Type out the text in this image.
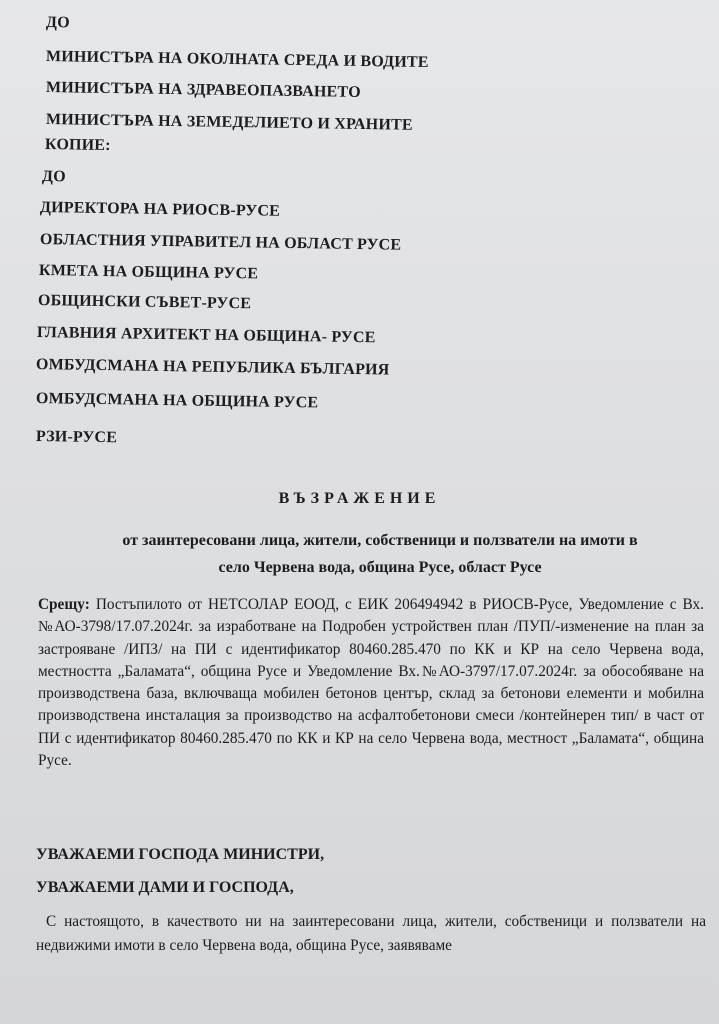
ДО
МИНИСТЪРА НА ОКОЛНАТА СРЕДА И ВОДИТЕ
МИНИСТЪРА НА ЗДРАВЕОПАЗВАНЕТО
МИНИСТЪРА НА ЗЕМЕДЕЛИЕТО И ХРАНИТЕ
КОПИЕ:
ДО
ДИРЕКТОРА НА РИОСВ-РУСЕ
ОБЛАСТНИЯ УПРАВИТЕЛ НА ОБЛАСТ РУСЕ
КМЕТА НА ОБЩИНА РУСЕ
ОБЩИНСКИ СЪВЕТ-РУСЕ
ГЛАВНИЯ АРХИТЕКТ НА ОБЩИНА- РУСЕ
ОМБУДСМАНА НА РЕПУБЛИКА БЪЛГАРИЯ
ОМБУДСМАНА НА ОБЩИНА РУСЕ
РЗИ-РУСЕ
ВЪЗРАЖЕНИЕ
от заинтересовани лица, жители, собственици и ползватели на имоти в
село Червена вода, община Русе, област Русе
Срещу: Постъпилото от НЕТСОЛАР ЕООД, с ЕИК 206494942 в РИОСВ-Русе, Уведомление с Вх.№АО-3798/17.07.2024г. за изработване на Подробен устройствен план /ПУП/-изменение на план за застрояване /ИПЗ/ на ПИ с идентификатор 80460.285.470 по КК и КР на село Червена вода, местността „Баламата“, община Русе и Уведомление Вх.№АО-3797/17.07.2024г. за обособяване на производствена база, включваща мобилен бетонов център, склад за бетонови елементи и мобилна производствена инсталация за производство на асфалтобетонови смеси /контейнерен тип/ в част от ПИ с идентификатор 80460.285.470 по КК и КР на село Червена вода, местност „Баламата“, община Русе.
УВАЖАЕМИ ГОСПОДА МИНИСТРИ,
УВАЖАЕМИ ДАМИ И ГОСПОДА,
С настоящото, в качеството ни на заинтересовани лица, жители, собственици и ползватели на недвижими имоти в село Червена вода, община Русе, заявяваме
